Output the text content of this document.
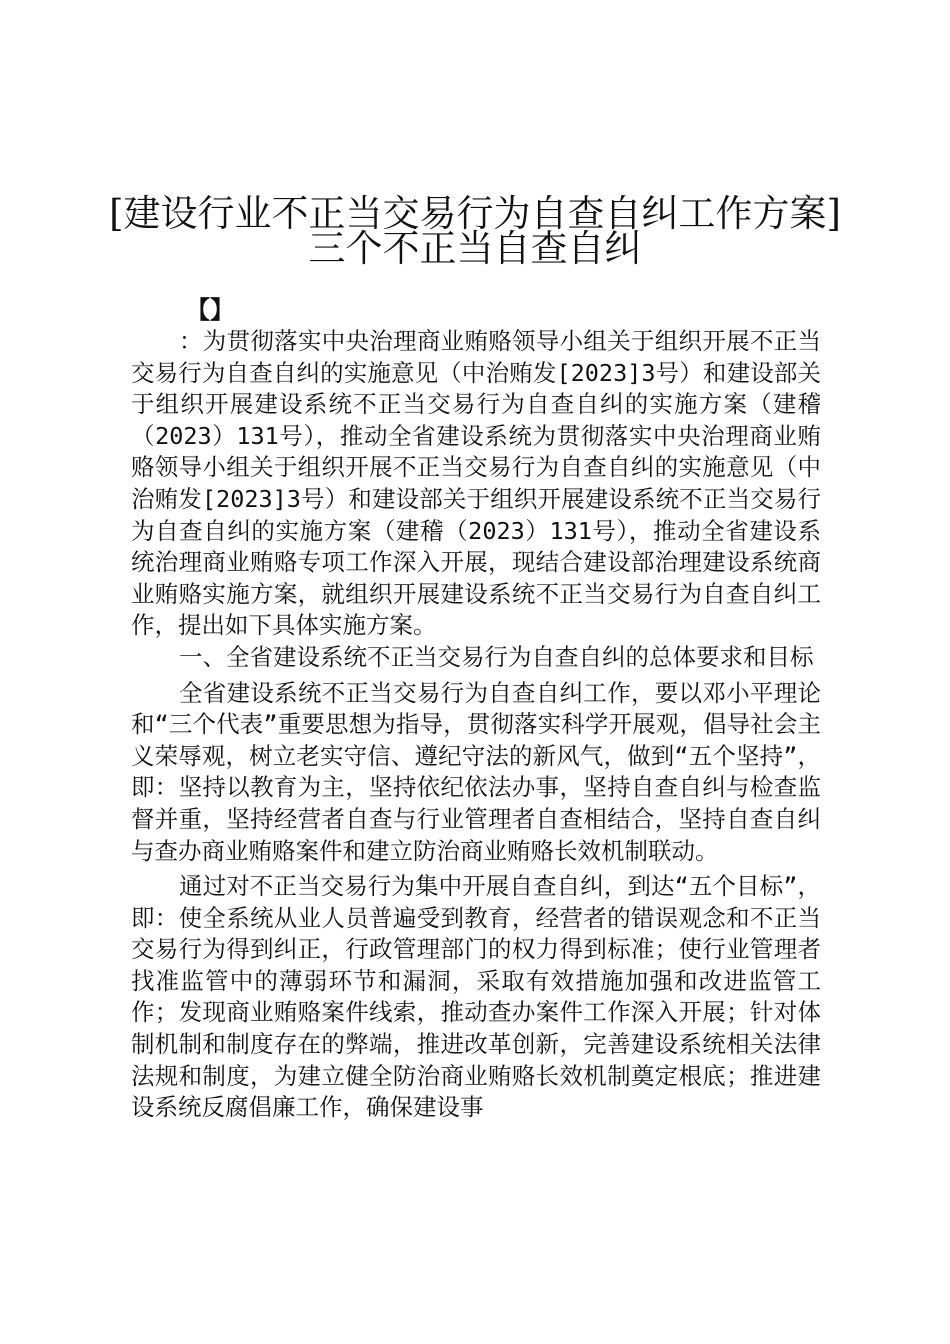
[建设行业不正当交易行为自查自纠工作方案]
三个不正当自查自纠
【】

：为贯彻落实中央治理商业贿赂领导小组关于组织开展不正当交易行为自查自纠的实施意见（中治贿发[2023]3号）和建设部关于组织开展建设系统不正当交易行为自查自纠的实施方案（建稽（2023）131号），推动全省建设系统为贯彻落实中央治理商业贿赂领导小组关于组织开展不正当交易行为自查自纠的实施意见（中治贿发[2023]3号）和建设部关于组织开展建设系统不正当交易行为自查自纠的实施方案（建稽（2023）131号），推动全省建设系统治理商业贿赂专项工作深入开展，现结合建设部治理建设系统商业贿赂实施方案，就组织开展建设系统不正当交易行为自查自纠工作，提出如下具体实施方案。

一、全省建设系统不正当交易行为自查自纠的总体要求和目标

全省建设系统不正当交易行为自查自纠工作，要以邓小平理论和“三个代表”重要思想为指导，贯彻落实科学开展观，倡导社会主义荣辱观，树立老实守信、遵纪守法的新风气，做到“五个坚持”，即：坚持以教育为主，坚持依纪依法办事，坚持自查自纠与检查监督并重，坚持经营者自查与行业管理者自查相结合，坚持自查自纠与查办商业贿赂案件和建立防治商业贿赂长效机制联动。

通过对不正当交易行为集中开展自查自纠，到达“五个目标”，即：使全系统从业人员普遍受到教育，经营者的错误观念和不正当交易行为得到纠正，行政管理部门的权力得到标准；使行业管理者找准监管中的薄弱环节和漏洞，采取有效措施加强和改进监管工作；发现商业贿赂案件线索，推动查办案件工作深入开展；针对体制机制和制度存在的弊端，推进改革创新，完善建设系统相关法律法规和制度，为建立健全防治商业贿赂长效机制奠定根底；推进建设系统反腐倡廉工作，确保建设事
